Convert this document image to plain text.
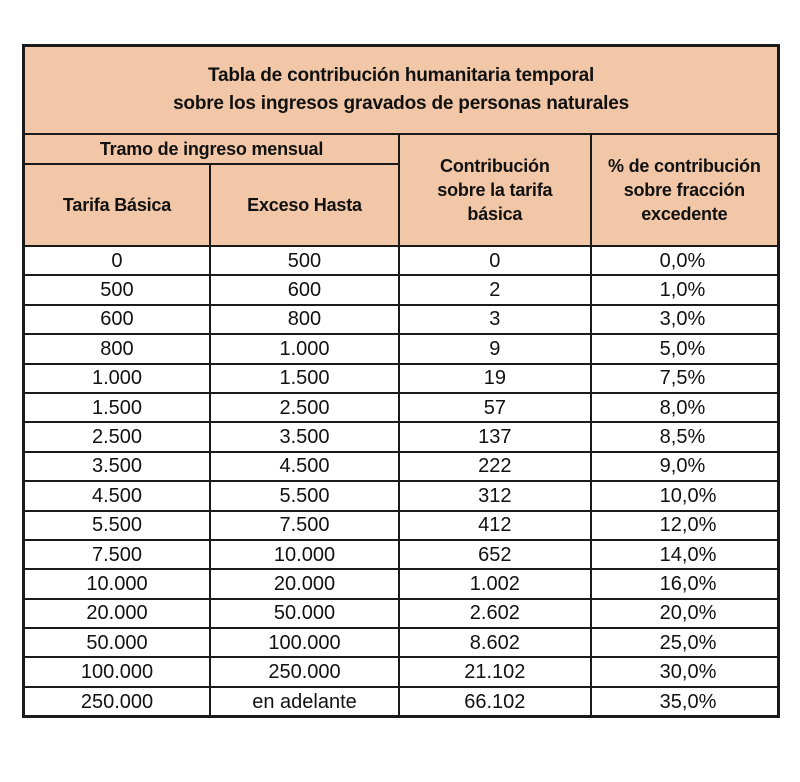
Tabla de contribución humanitaria temporal
sobre los ingresos gravados de personas naturales			

Tramo de ingreso mensual		Contribución sobre la tarifa básica	% de contribución sobre fracción excedente

Tarifa Básica	Exceso Hasta		
0	500	0	0,0%
500	600	2	1,0%
600	800	3	3,0%
800	1.000	9	5,0%
1.000	1.500	19	7,5%
1.500	2.500	57	8,0%
2.500	3.500	137	8,5%
3.500	4.500	222	9,0%
4.500	5.500	312	10,0%
5.500	7.500	412	12,0%
7.500	10.000	652	14,0%
10.000	20.000	1.002	16,0%
20.000	50.000	2.602	20,0%
50.000	100.000	8.602	25,0%
100.000	250.000	21.102	30,0%
250.000	en adelante	66.102	35,0%
